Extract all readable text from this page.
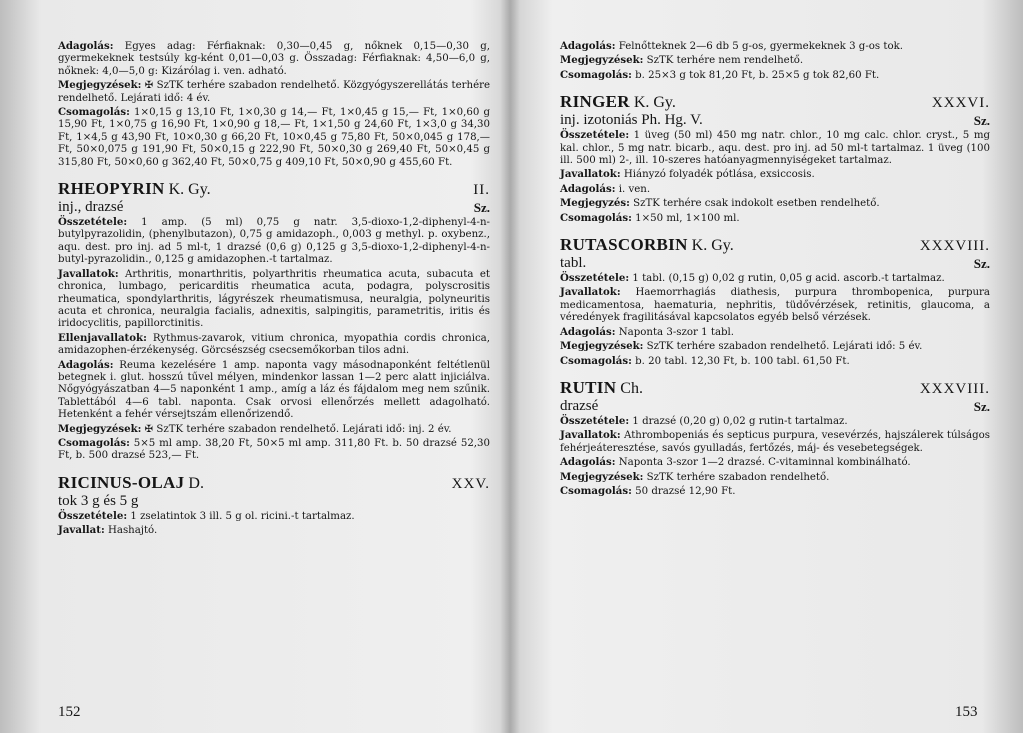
Adagolás: Egyes adag: Férfiaknak: 0,30—0,45 g, nőknek 0,15—0,30 g, gyermekeknek testsúly kg-ként 0,01—0,03 g. Összadag: Férfiaknak: 4,50—6,0 g, nőknek: 4,0—5,0 g: Kizárólag i. ven. adható.
Megjegyzések: ✠ SzTK terhére szabadon rendelhető. Közgyógyszerellátás terhére rendelhető. Lejárati idő: 4 év.
Csomagolás: 1×0,15 g 13,10 Ft, 1×0,30 g 14,— Ft, 1×0,45 g 15,— Ft, 1×0,60 g 15,90 Ft, 1×0,75 g 16,90 Ft, 1×0,90 g 18,— Ft, 1×1,50 g 24,60 Ft, 1×3,0 g 34,30 Ft, 1×4,5 g 43,90 Ft, 10×0,30 g 66,20 Ft, 10×0,45 g 75,80 Ft, 50×0,045 g 178,— Ft, 50×0,075 g 191,90 Ft, 50×0,15 g 222,90 Ft, 50×0,30 g 269,40 Ft, 50×0,45 g 315,80 Ft, 50×0,60 g 362,40 Ft, 50×0,75 g 409,10 Ft, 50×0,90 g 455,60 Ft.
RHEOPYRIN K. Gy.	II.
inj., drazsé	Sz.
Összetétele: 1 amp. (5 ml) 0,75 g natr. 3,5-dioxo-1,2-diphenyl-4-n-butylpyrazolidin, (phenylbutazon), 0,75 g amidazoph., 0,003 g methyl. p. oxybenz., aqu. dest. pro inj. ad 5 ml-t, 1 drazsé (0,6 g) 0,125 g 3,5-dioxo-1,2-diphenyl-4-n-butyl-pyrazolidin., 0,125 g amidazophen.-t tartalmaz.
Javallatok: Arthritis, monarthritis, polyarthritis rheumatica acuta, subacuta et chronica, lumbago, pericarditis rheumatica acuta, podagra, polyscrositis rheumatica, spondylarthritis, lágyrészek rheumatismusa, neuralgia, polyneuritis acuta et chronica, neuralgia facialis, adnexitis, salpingitis, parametritis, iritis és iridocyclitis, papillorctinitis.
Ellenjavallatok: Rythmus-zavarok, vitium chronica, myopathia cordis chronica, amidazophen-érzékenység. Görcsészség csecsemőkorban tilos adni.
Adagolás: Reuma kezelésére 1 amp. naponta vagy másodnaponként feltétlenül betegnek i. glut. hosszú tűvel mélyen, mindenkor lassan 1—2 perc alatt injiciálva. Nőgyógyászatban 4—5 naponként 1 amp., amíg a láz és fájdalom meg nem szűnik. Tablettából 4—6 tabl. naponta. Csak orvosi ellenőrzés mellett adagolható. Hetenként a fehér vérsejtszám ellenőrizendő.
Megjegyzések: ✠ SzTK terhére szabadon rendelhető. Lejárati idő: inj. 2 év.
Csomagolás: 5×5 ml amp. 38,20 Ft, 50×5 ml amp. 311,80 Ft. b. 50 drazsé 52,30 Ft, b. 500 drazsé 523,— Ft.
RICINUS-OLAJ D.	XXV.
tok 3 g és 5 g
Összetétele: 1 zselatintok 3 ill. 5 g ol. ricini.-t tartalmaz.
Javallat: Hashajtó.
Adagolás: Felnőtteknek 2—6 db 5 g-os, gyermekeknek 3 g-os tok.
Megjegyzések: SzTK terhére nem rendelhető.
Csomagolás: b. 25×3 g tok 81,20 Ft, b. 25×5 g tok 82,60 Ft.
RINGER K. Gy.	XXXVI.
inj. izotoniás Ph. Hg. V.	Sz.
Összetétele: 1 üveg (50 ml) 450 mg natr. chlor., 10 mg calc. chlor. cryst., 5 mg kal. chlor., 5 mg natr. bicarb., aqu. dest. pro inj. ad 50 ml-t tartalmaz. 1 üveg (100 ill. 500 ml) 2-, ill. 10-szeres hatóanyagmennyiségeket tartalmaz.
Javallatok: Hiányzó folyadék pótlása, exsiccosis.
Adagolás: i. ven.
Megjegyzés: SzTK terhére csak indokolt esetben rendelhető.
Csomagolás: 1×50 ml, 1×100 ml.
RUTASCORBIN K. Gy.	XXXVIII.
tabl.	Sz.
Összetétele: 1 tabl. (0,15 g) 0,02 g rutin, 0,05 g acid. ascorb.-t tartalmaz.
Javallatok: Haemorrhagiás diathesis, purpura thrombopenica, purpura medicamentosa, haematuria, nephritis, tüdővérzések, retinitis, glaucoma, a véredények fragilitásával kapcsolatos egyéb belső vérzések.
Adagolás: Naponta 3-szor 1 tabl.
Megjegyzések: SzTK terhére szabadon rendelhető. Lejárati idő: 5 év.
Csomagolás: b. 20 tabl. 12,30 Ft, b. 100 tabl. 61,50 Ft.
RUTIN Ch.	XXXVIII.
drazsé	Sz.
Összetétele: 1 drazsé (0,20 g) 0,02 g rutin-t tartalmaz.
Javallatok: Athrombopeniás és septicus purpura, vesevérzés, hajszálerek túlságos fehérjeáteresztése, savós gyulladás, fertőzés, máj- és vesebetegségek.
Adagolás: Naponta 3-szor 1—2 drazsé. C-vitaminnal kombinálható.
Megjegyzések: SzTK terhére szabadon rendelhető.
Csomagolás: 50 drazsé 12,90 Ft.
152	153
